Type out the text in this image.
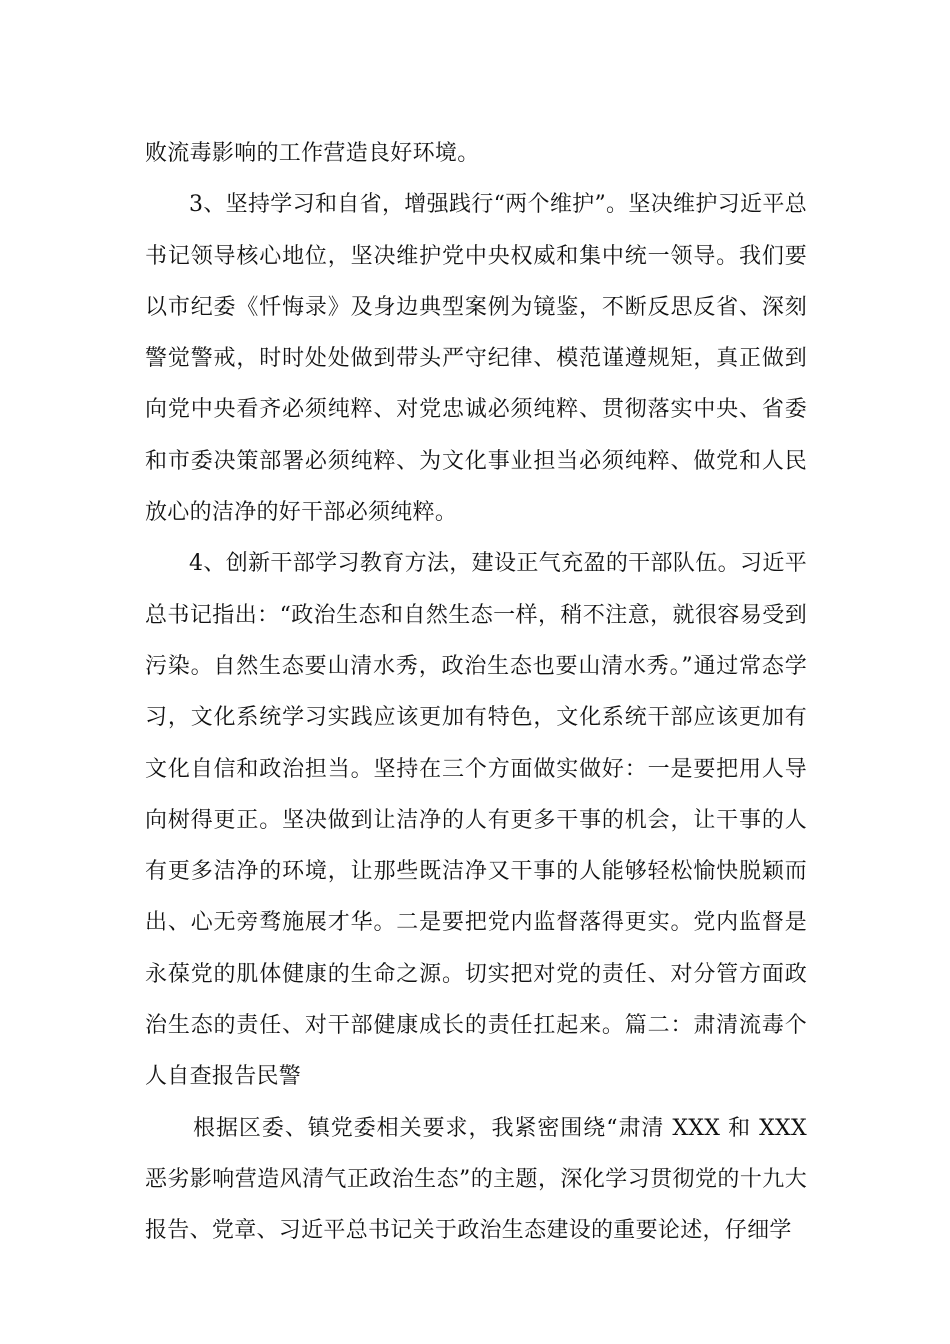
败流毒影响的工作营造良好环境。

3、坚持学习和自省，增强践行“两个维护”。坚决维护习近平总书记领导核心地位，坚决维护党中央权威和集中统一领导。我们要以市纪委《忏悔录》及身边典型案例为镜鉴，不断反思反省、深刻警觉警戒，时时处处做到带头严守纪律、模范谨遵规矩，真正做到向党中央看齐必须纯粹、对党忠诚必须纯粹、贯彻落实中央、省委和市委决策部署必须纯粹、为文化事业担当必须纯粹、做党和人民放心的洁净的好干部必须纯粹。

4、创新干部学习教育方法，建设正气充盈的干部队伍。习近平总书记指出：“政治生态和自然生态一样，稍不注意，就很容易受到污染。自然生态要山清水秀，政治生态也要山清水秀。”通过常态学习，文化系统学习实践应该更加有特色，文化系统干部应该更加有文化自信和政治担当。坚持在三个方面做实做好：一是要把用人导向树得更正。坚决做到让洁净的人有更多干事的机会，让干事的人有更多洁净的环境，让那些既洁净又干事的人能够轻松愉快脱颖而出、心无旁骛施展才华。二是要把党内监督落得更实。党内监督是永葆党的肌体健康的生命之源。切实把对党的责任、对分管方面政治生态的责任、对干部健康成长的责任扛起来。篇二：肃清流毒个人自查报告民警

根据区委、镇党委相关要求，我紧密围绕“肃清 XXX 和 XXX 恶劣影响营造风清气正政治生态”的主题，深化学习贯彻党的十九大报告、党章、习近平总书记关于政治生态建设的重要论述，仔细学
